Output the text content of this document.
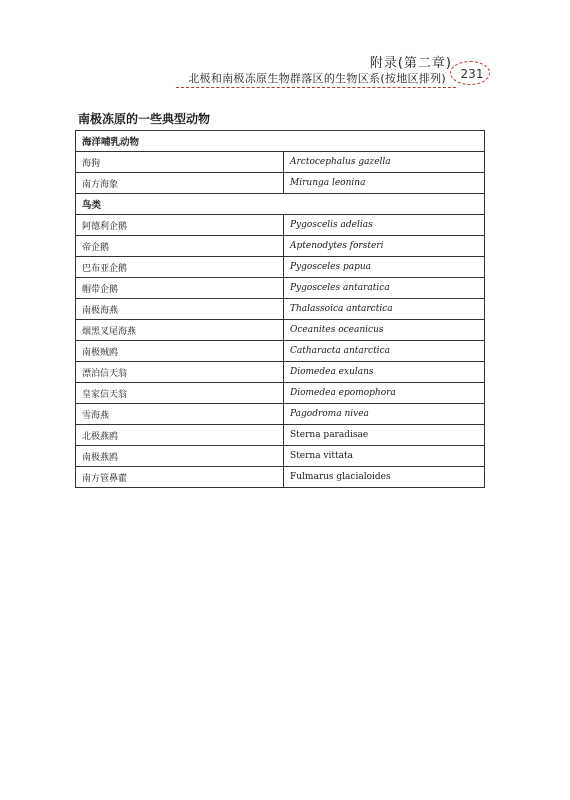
附录(第二章)
北极和南极冻原生物群落区的生物区系(按地区排列)	231
南极冻原的一些典型动物
海洋哺乳动物	
海狗	Arctocephalus gazella
南方海象	Mirunga leonina
鸟类	
阿德利企鹅	Pygoscelis adelias
帝企鹅	Aptenodytes forsteri
巴布亚企鹅	Pygosceles papua
帽带企鹅	Pygosceles antaratica
南极海燕	Thalassoica antarctica
烟黑叉尾海燕	Oceanites oceanicus
南极贼鸥	Catharacta antarctica
漂泊信天翁	Diomedea exulans
皇家信天翁	Diomedea epomophora
雪海燕	Pagodroma nivea
北极燕鸥	Sterna paradisae
南极燕鸥	Sterna vittata
南方管鼻藿	Fulmarus glacialoides
